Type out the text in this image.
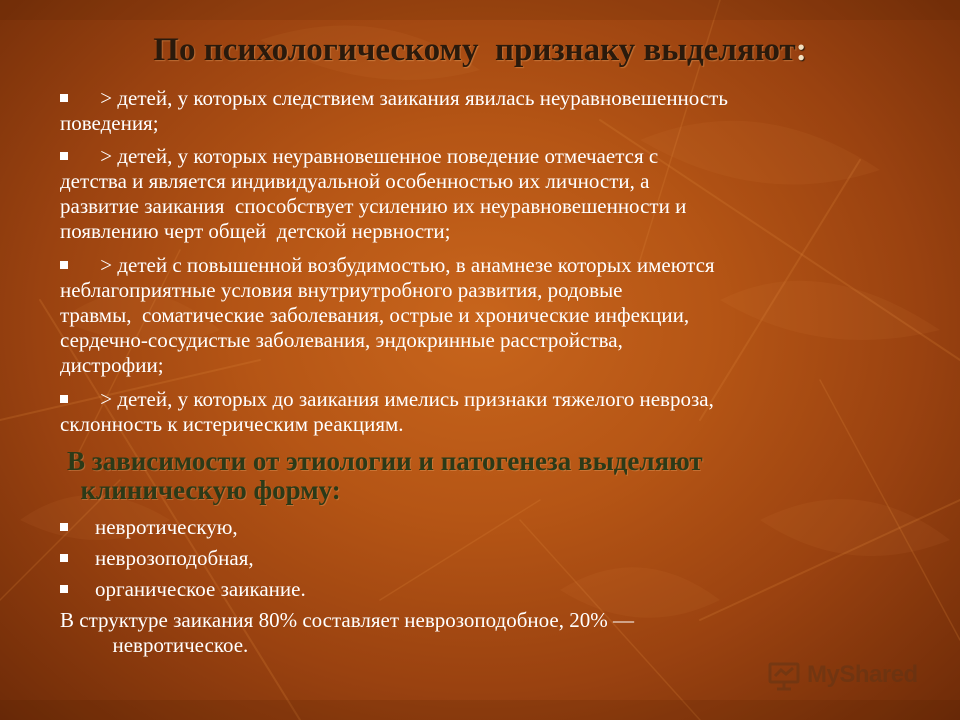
По психологическому  признаку выделяют:
> детей, у которых следствием заикания явилась неуравновешенность
поведения;
> детей, у которых неуравновешенное поведение отмечается с
детства и является индивидуальной особенностью их личности, а
развитие заикания  способствует усилению их неуравновешенности и
появлению черт общей  детской нервности;
> детей с повышенной возбудимостью, в анамнезе которых имеются
неблагоприятные условия внутриутробного развития, родовые
травмы,  соматические заболевания, острые и хронические инфекции,
сердечно-сосудистые заболевания, эндокринные расстройства,
дистрофии;
> детей, у которых до заикания имелись признаки тяжелого невроза,
склонность к истерическим реакциям.
В зависимости от этиологии и патогенеза выделяют
клиническую форму:
невротическую,
неврозоподобная,
органическое заикание.
В структуре заикания 80% составляет неврозоподобное, 20% —
невротическое.
MyShared
